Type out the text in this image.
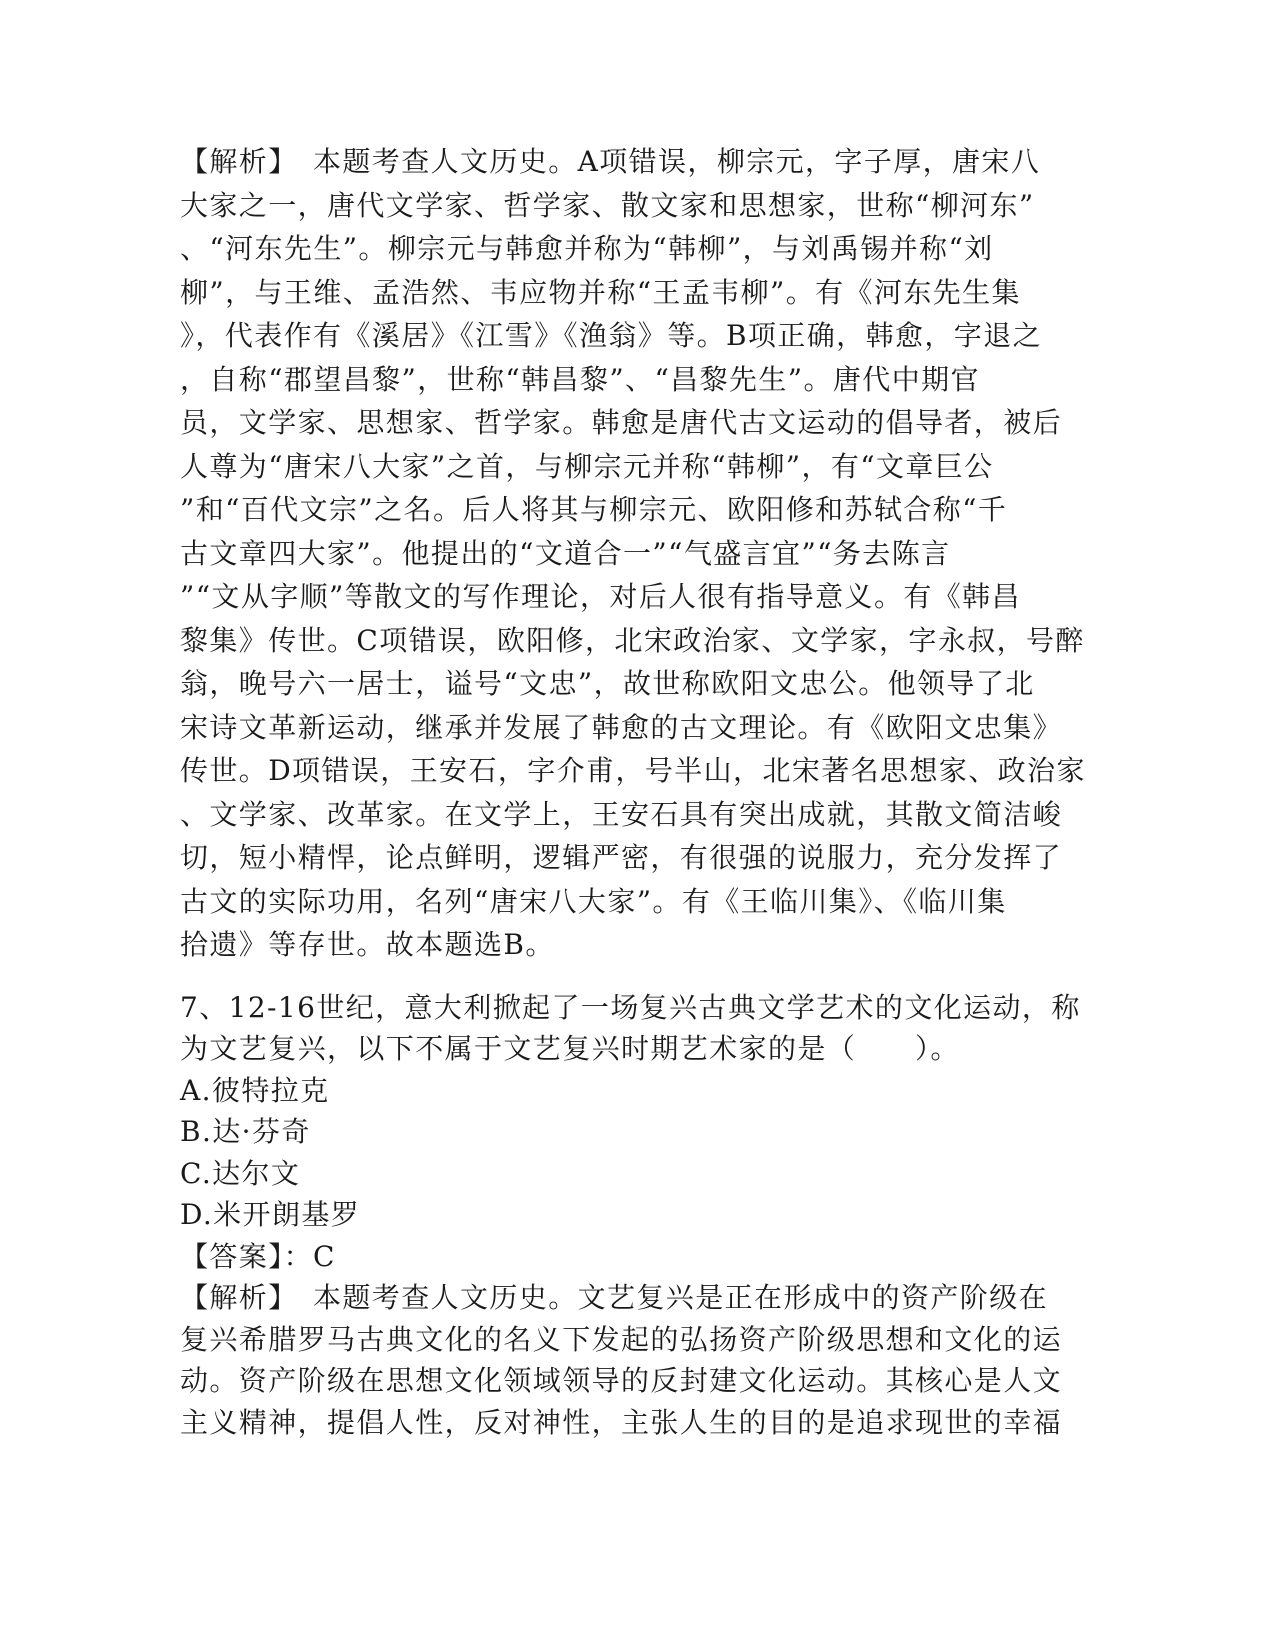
【解析】　本题考查人文历史。A项错误，柳宗元，字子厚，唐宋八
大家之一，唐代文学家、哲学家、散文家和思想家，世称“柳河东”
、“河东先生”。柳宗元与韩愈并称为“韩柳”，与刘禹锡并称“刘
柳”，与王维、孟浩然、韦应物并称“王孟韦柳”。有《河东先生集
》，代表作有《溪居》《江雪》《渔翁》等。B项正确，韩愈，字退之
，自称“郡望昌黎”，世称“韩昌黎”、“昌黎先生”。唐代中期官
员，文学家、思想家、哲学家。韩愈是唐代古文运动的倡导者，被后
人尊为“唐宋八大家”之首，与柳宗元并称“韩柳”，有“文章巨公
”和“百代文宗”之名。后人将其与柳宗元、欧阳修和苏轼合称“千
古文章四大家”。他提出的“文道合一”“气盛言宜”“务去陈言
”“文从字顺”等散文的写作理论，对后人很有指导意义。有《韩昌
黎集》传世。C项错误，欧阳修，北宋政治家、文学家，字永叔，号醉
翁，晚号六一居士，谥号“文忠”，故世称欧阳文忠公。他领导了北
宋诗文革新运动，继承并发展了韩愈的古文理论。有《欧阳文忠集》
传世。D项错误，王安石，字介甫，号半山，北宋著名思想家、政治家
、文学家、改革家。在文学上，王安石具有突出成就，其散文简洁峻
切，短小精悍，论点鲜明，逻辑严密，有很强的说服力，充分发挥了
古文的实际功用，名列“唐宋八大家”。有《王临川集》、《临川集
拾遗》等存世。故本题选B。
7、12-16世纪，意大利掀起了一场复兴古典文学艺术的文化运动，称
为文艺复兴，以下不属于文艺复兴时期艺术家的是（　　）。
A.彼特拉克
B.达·芬奇
C.达尔文
D.米开朗基罗
【答案】：C
【解析】　本题考查人文历史。文艺复兴是正在形成中的资产阶级在
复兴希腊罗马古典文化的名义下发起的弘扬资产阶级思想和文化的运
动。资产阶级在思想文化领域领导的反封建文化运动。其核心是人文
主义精神，提倡人性，反对神性，主张人生的目的是追求现世的幸福
